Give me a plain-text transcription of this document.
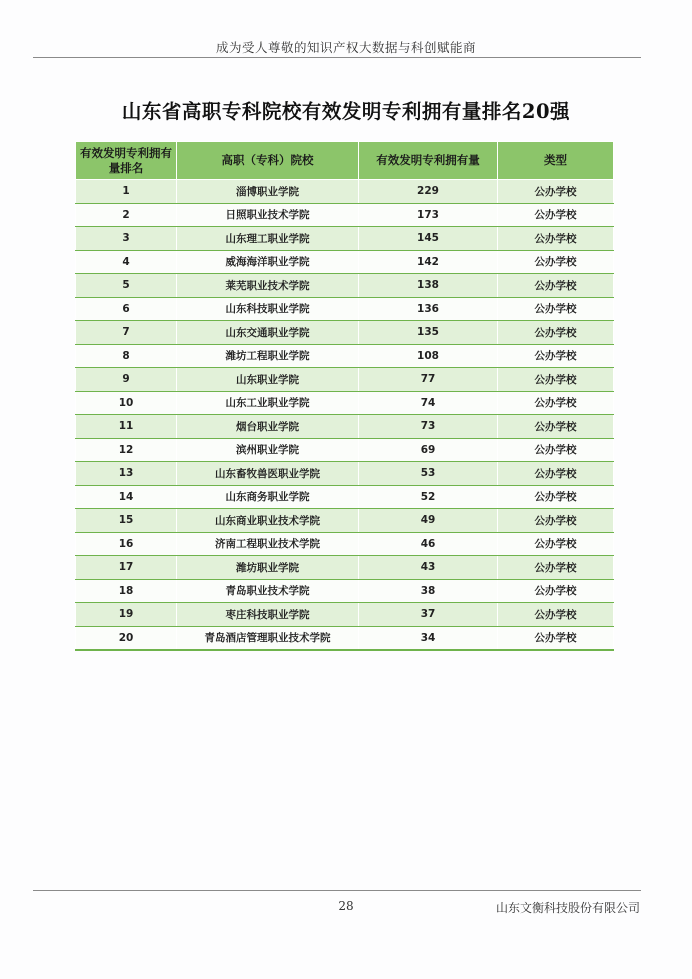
成为受人尊敬的知识产权大数据与科创赋能商
山东省高职专科院校有效发明专利拥有量排名20强
有效发明专利拥有量排名	高职（专科）院校	有效发明专利拥有量	类型
1	淄博职业学院	229	公办学校
2	日照职业技术学院	173	公办学校
3	山东理工职业学院	145	公办学校
4	威海海洋职业学院	142	公办学校
5	莱芜职业技术学院	138	公办学校
6	山东科技职业学院	136	公办学校
7	山东交通职业学院	135	公办学校
8	潍坊工程职业学院	108	公办学校
9	山东职业学院	77	公办学校
10	山东工业职业学院	74	公办学校
11	烟台职业学院	73	公办学校
12	滨州职业学院	69	公办学校
13	山东畜牧兽医职业学院	53	公办学校
14	山东商务职业学院	52	公办学校
15	山东商业职业技术学院	49	公办学校
16	济南工程职业技术学院	46	公办学校
17	潍坊职业学院	43	公办学校
18	青岛职业技术学院	38	公办学校
19	枣庄科技职业学院	37	公办学校
20	青岛酒店管理职业技术学院	34	公办学校
28	山东文衡科技股份有限公司
